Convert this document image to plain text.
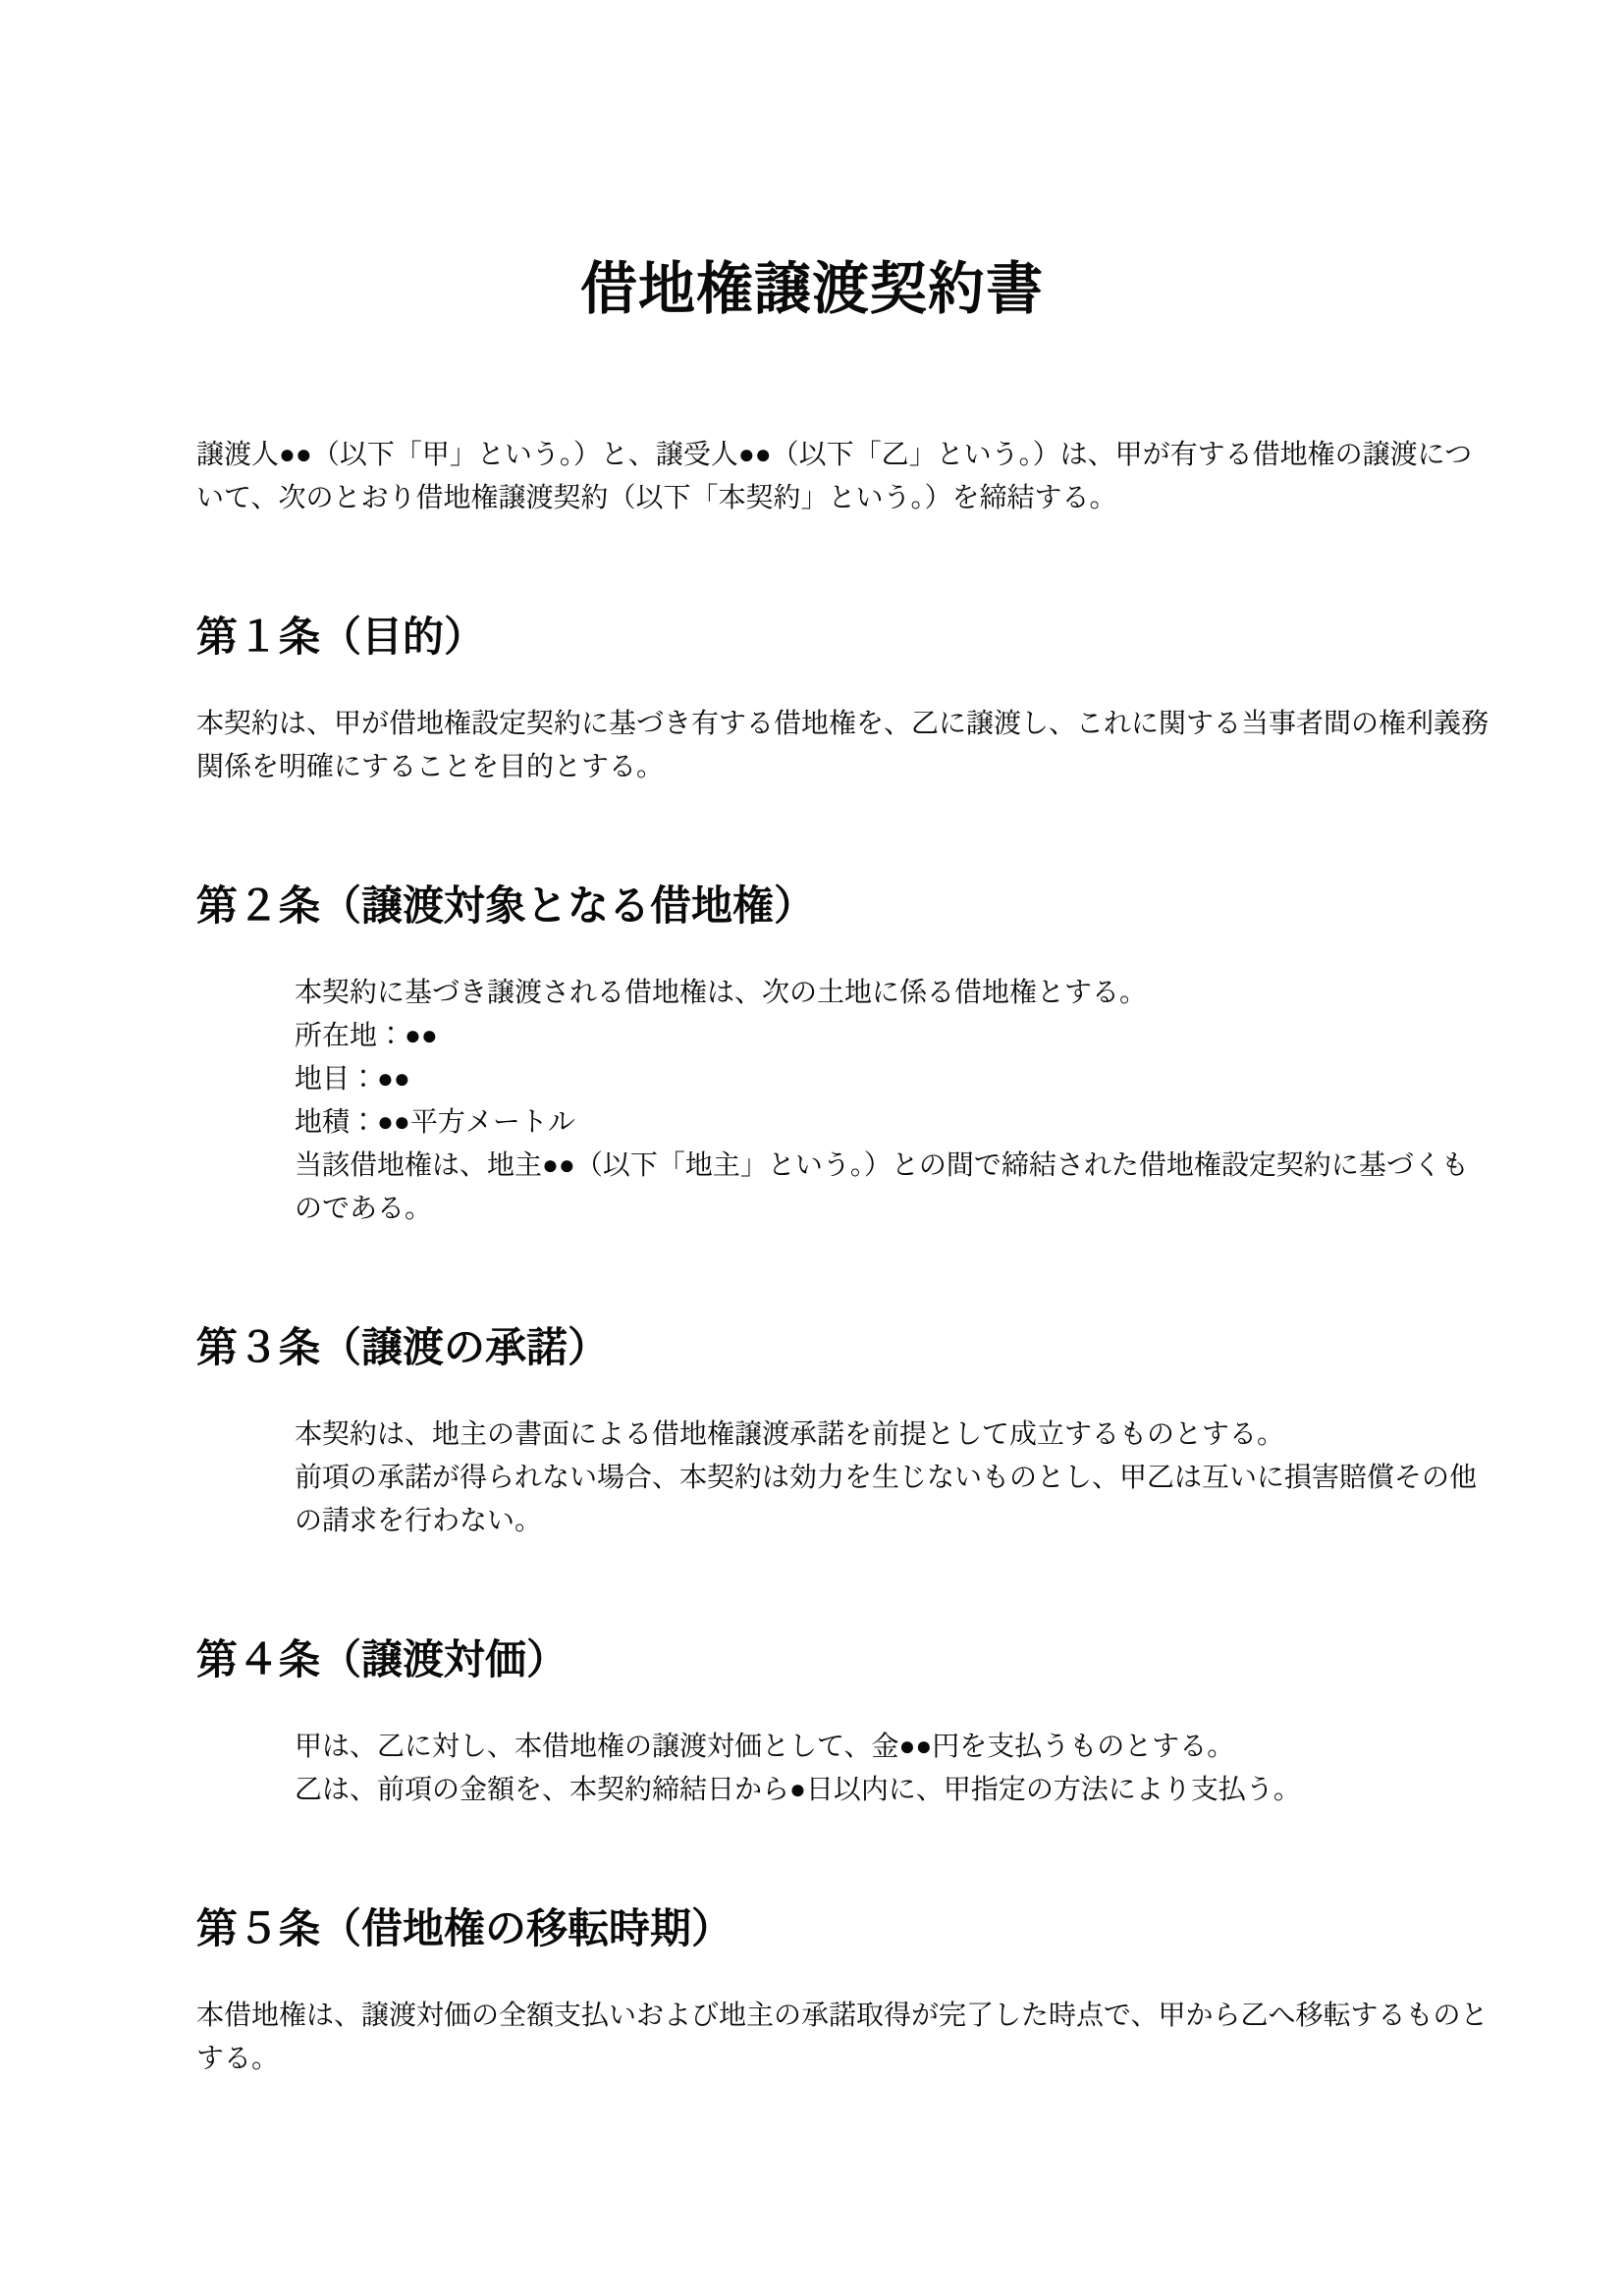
借地権譲渡契約書

譲渡人●●（以下「甲」という。）と、譲受人●●（以下「乙」という。）は、甲が有する借地権の譲渡について、次のとおり借地権譲渡契約（以下「本契約」という。）を締結する。

第１条（目的）

本契約は、甲が借地権設定契約に基づき有する借地権を、乙に譲渡し、これに関する当事者間の権利義務関係を明確にすることを目的とする。

第２条（譲渡対象となる借地権）

本契約に基づき譲渡される借地権は、次の土地に係る借地権とする。

所在地：●●

地目：●●

地積：●●平方メートル

当該借地権は、地主●●（以下「地主」という。）との間で締結された借地権設定契約に基づくものである。

第３条（譲渡の承諾）

本契約は、地主の書面による借地権譲渡承諾を前提として成立するものとする。

前項の承諾が得られない場合、本契約は効力を生じないものとし、甲乙は互いに損害賠償その他の請求を行わない。

第４条（譲渡対価）

甲は、乙に対し、本借地権の譲渡対価として、金●●円を支払うものとする。

乙は、前項の金額を、本契約締結日から●日以内に、甲指定の方法により支払う。

第５条（借地権の移転時期）

本借地権は、譲渡対価の全額支払いおよび地主の承諾取得が完了した時点で、甲から乙へ移転するものとする。
